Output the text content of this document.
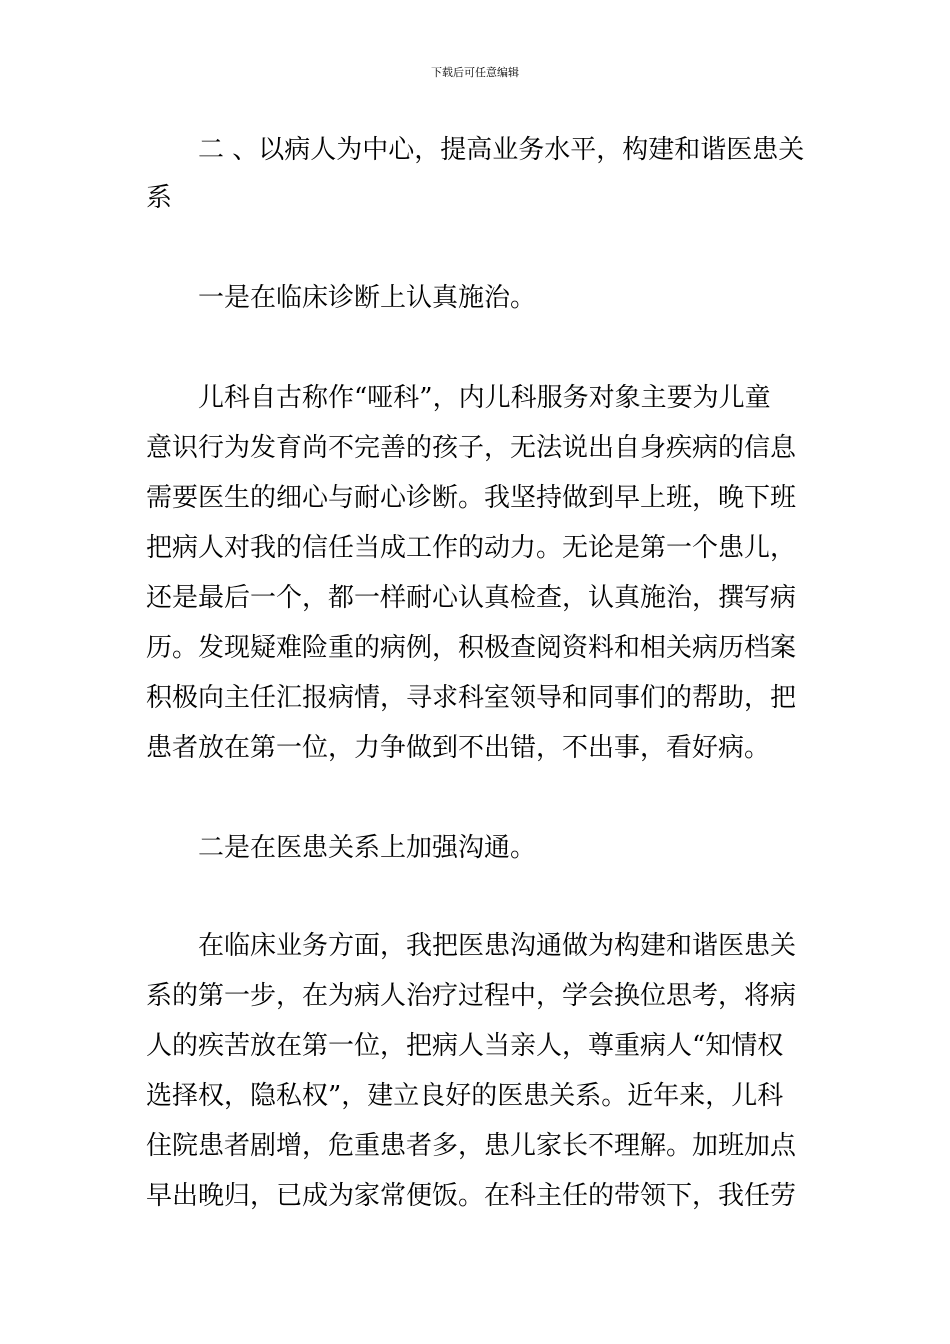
下载后可任意编辑
二 、以病人为中心，提高业务水平，构建和谐医患关
系
一是在临床诊断上认真施治。
儿科自古称作“哑科”，内儿科服务对象主要为儿童
意识行为发育尚不完善的孩子，无法说出自身疾病的信息
需要医生的细心与耐心诊断。我坚持做到早上班，晚下班
把病人对我的信任当成工作的动力。无论是第一个患儿，
还是最后一个，都一样耐心认真检查，认真施治，撰写病
历。发现疑难险重的病例，积极查阅资料和相关病历档案
积极向主任汇报病情，寻求科室领导和同事们的帮助，把
患者放在第一位，力争做到不出错，不出事，看好病。
二是在医患关系上加强沟通。
在临床业务方面，我把医患沟通做为构建和谐医患关
系的第一步，在为病人治疗过程中，学会换位思考，将病
人的疾苦放在第一位，把病人当亲人，尊重病人“知情权
选择权，隐私权”，建立良好的医患关系。近年来，儿科
住院患者剧增，危重患者多，患儿家长不理解。加班加点
早出晚归，已成为家常便饭。在科主任的带领下，我任劳
